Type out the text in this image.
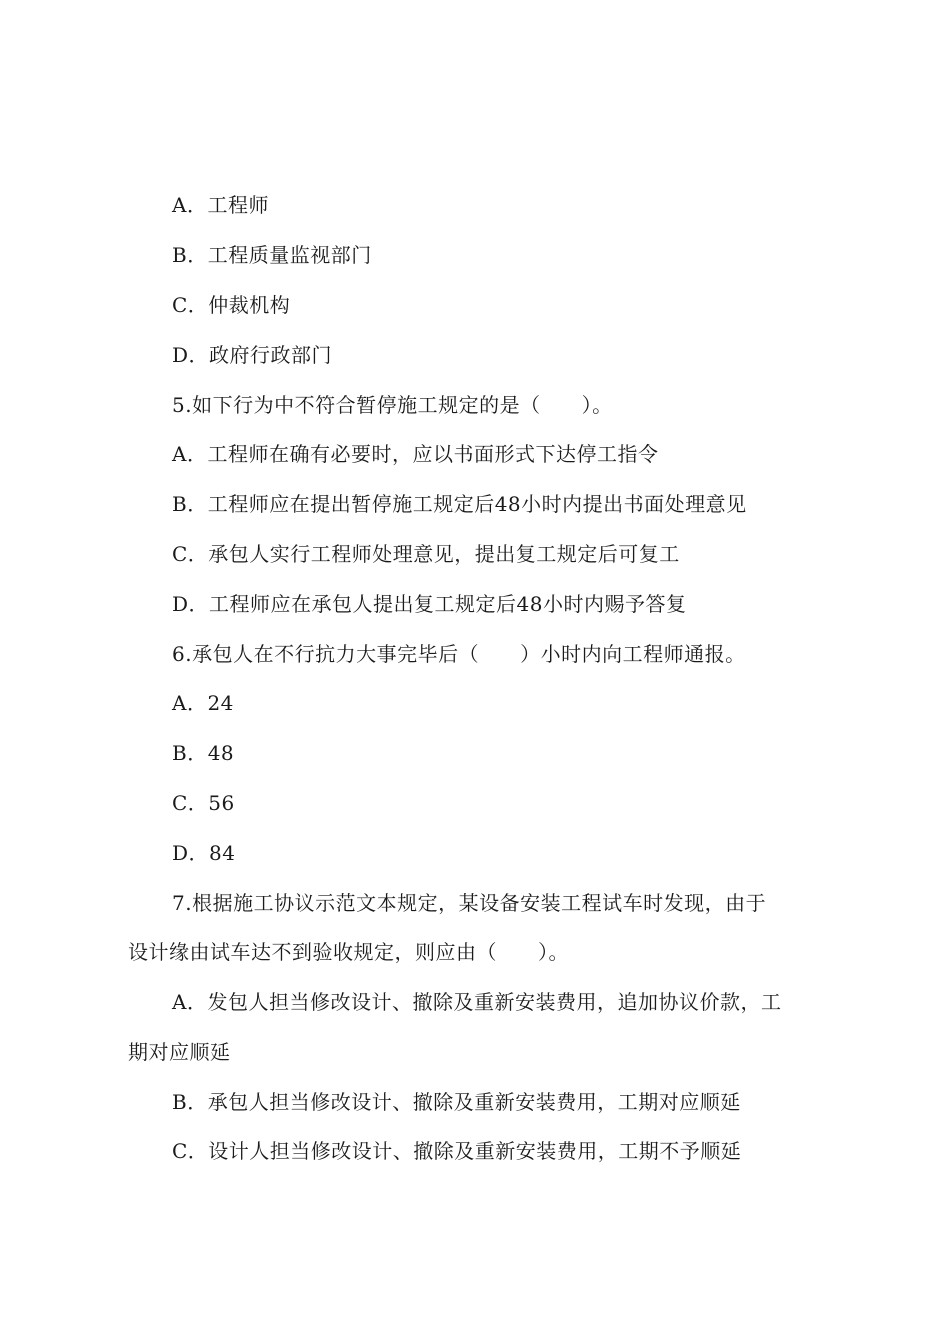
A．工程师
B．工程质量监视部门
C．仲裁机构
D．政府行政部门
5.如下行为中不符合暂停施工规定的是（　　）。
A．工程师在确有必要时，应以书面形式下达停工指令
B．工程师应在提出暂停施工规定后48小时内提出书面处理意见
C．承包人实行工程师处理意见，提出复工规定后可复工
D．工程师应在承包人提出复工规定后48小时内赐予答复
6.承包人在不行抗力大事完毕后（　　）小时内向工程师通报。
A．24
B．48
C．56
D．84
7.根据施工协议示范文本规定，某设备安装工程试车时发现，由于
设计缘由试车达不到验收规定，则应由（　　）。
A．发包人担当修改设计、撤除及重新安装费用，追加协议价款，工
期对应顺延
B．承包人担当修改设计、撤除及重新安装费用，工期对应顺延
C．设计人担当修改设计、撤除及重新安装费用，工期不予顺延
